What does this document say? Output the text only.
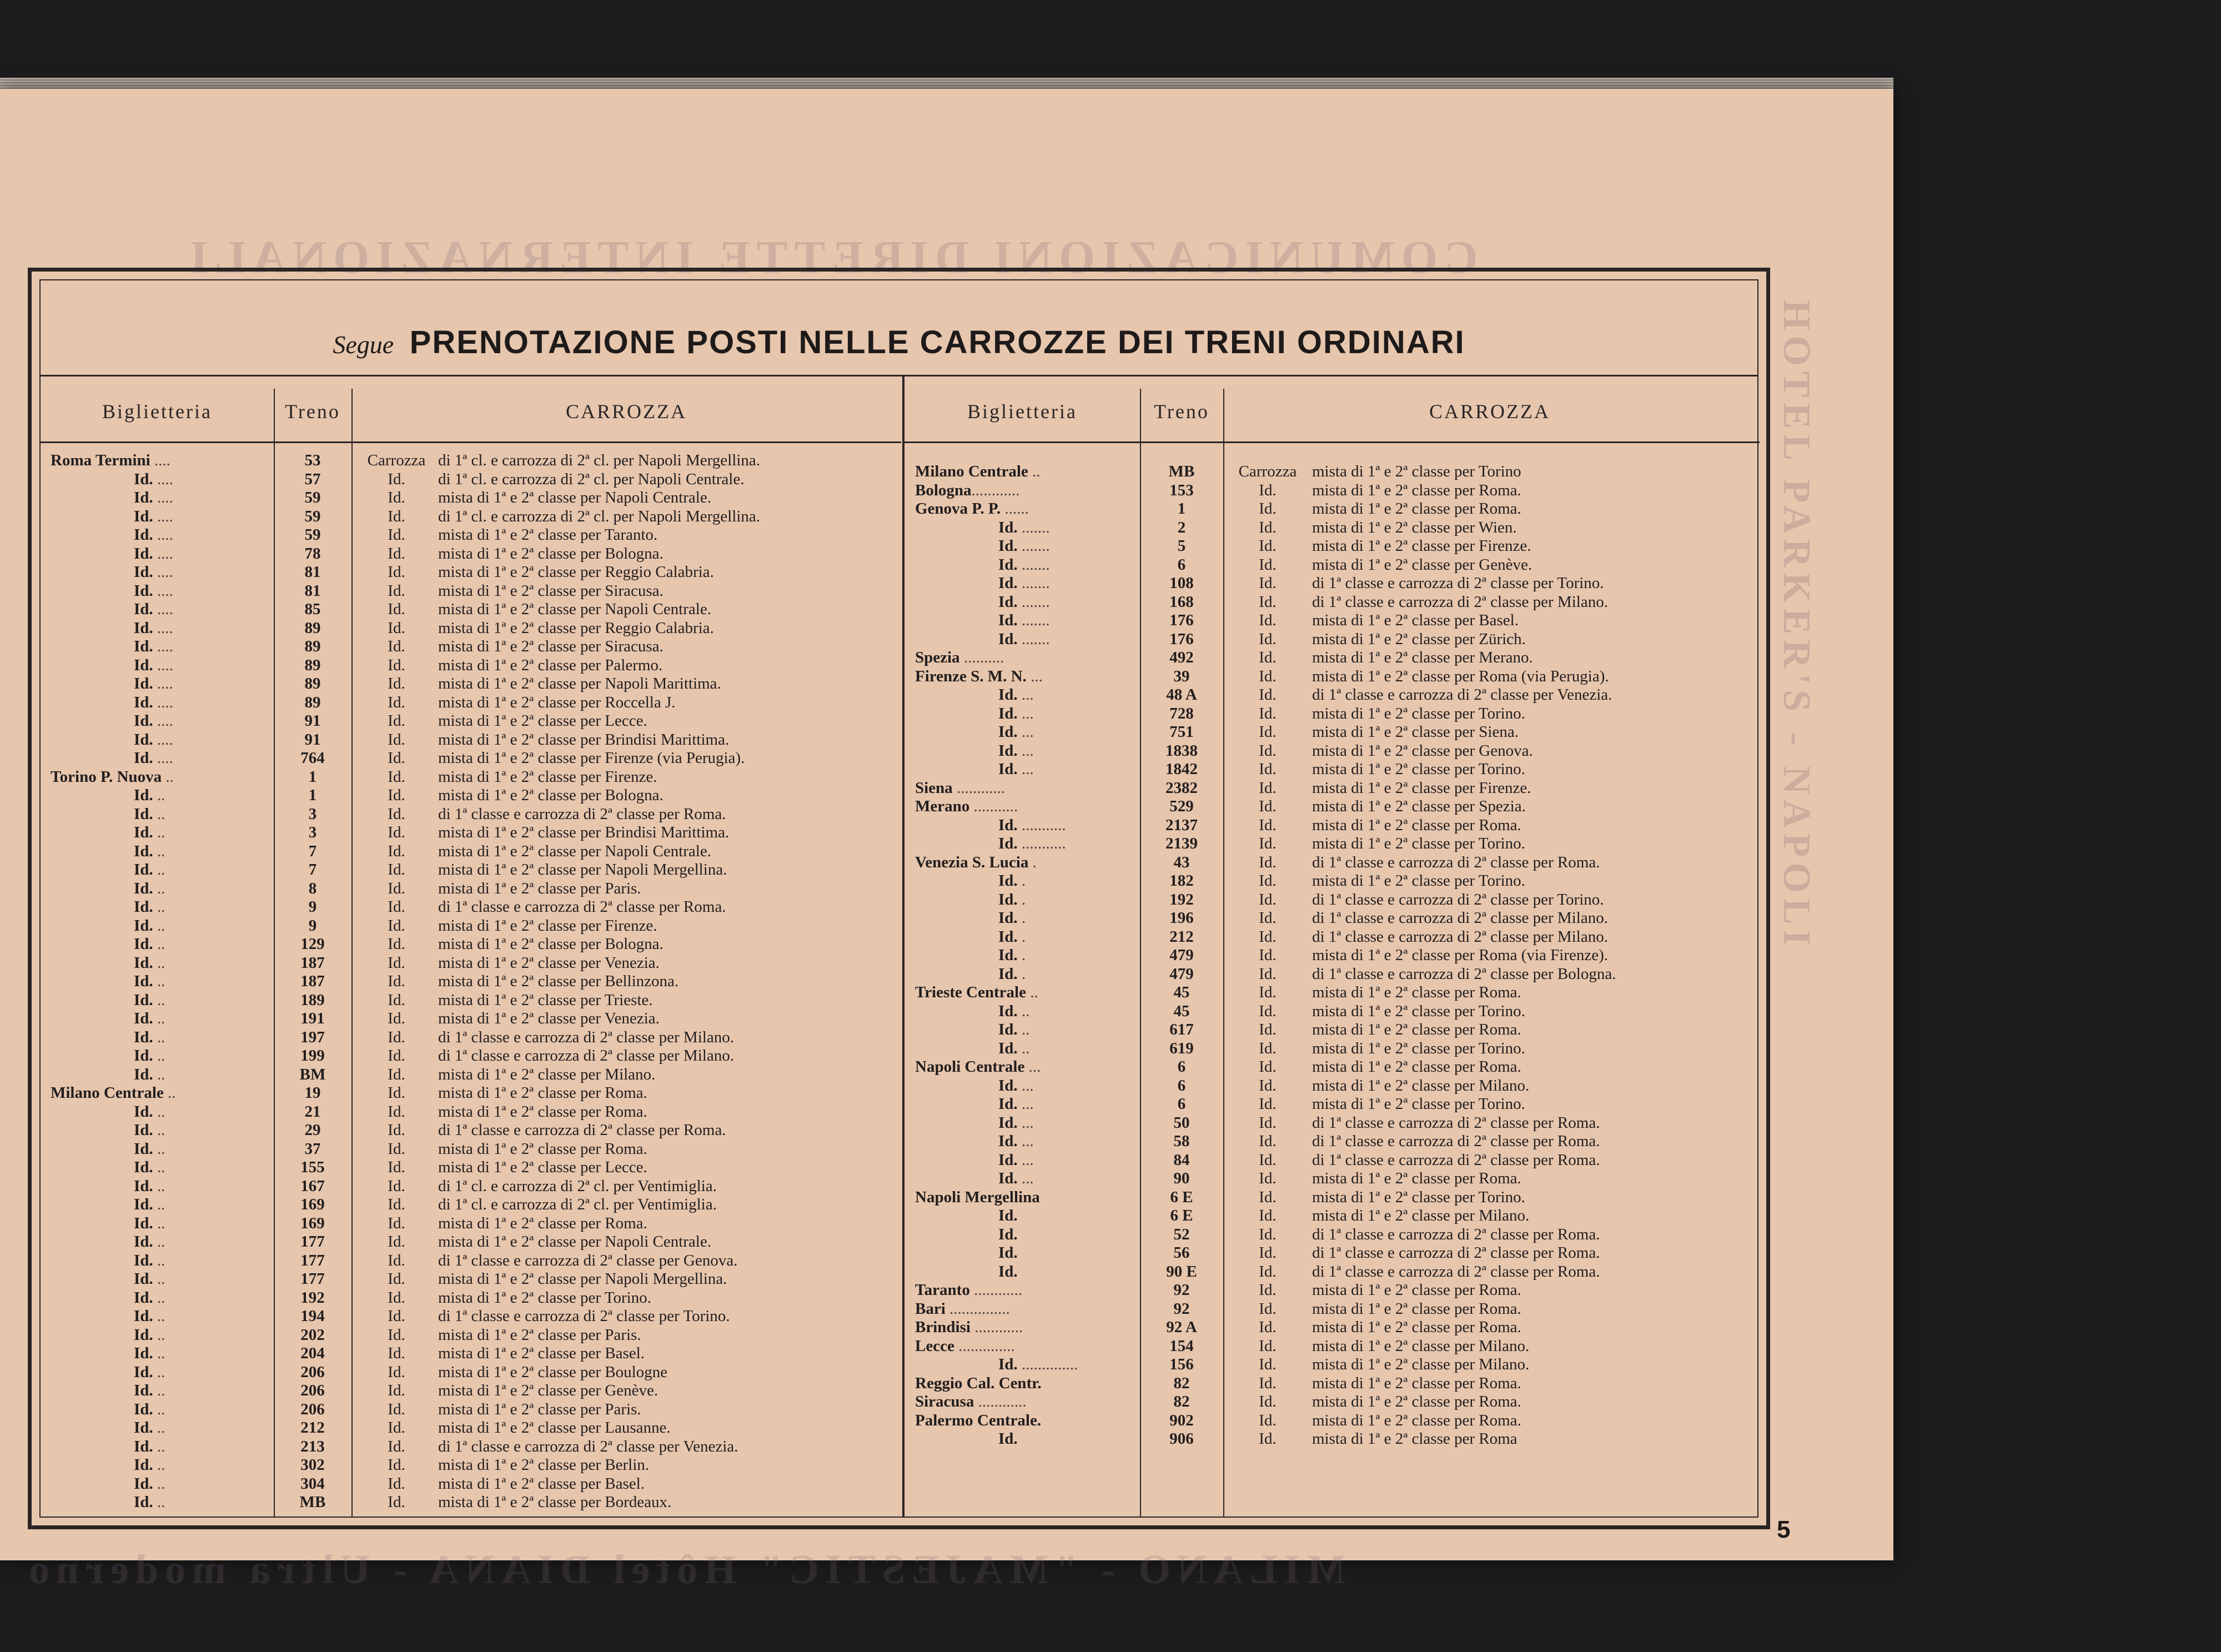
COMUNICAZIONI DIRETTE INTERNAZIONALI
MILANO - "MAJESTIC" Hôtel DIANA - Ultra moderno
HOTEL PARKER'S - NAPOLI
Segue PRENOTAZIONE POSTI NELLE CARROZZE DEI TRENI ORDINARI
Biglietteria	Treno	CARROZZA	Biglietteria	Treno	CARROZZA
Roma Termini ....	53	Carrozza di 1ª cl. e carrozza di 2ª cl. per Napoli Mergellina.
Id. ....	57	Id. di 1ª cl. e carrozza di 2ª cl. per Napoli Centrale.
Id. ....	59	Id. mista di 1ª e 2ª classe per Napoli Centrale.
Id. ....	59	Id. di 1ª cl. e carrozza di 2ª cl. per Napoli Mergellina.
Id. ....	59	Id. mista di 1ª e 2ª classe per Taranto.
Id. ....	78	Id. mista di 1ª e 2ª classe per Bologna.
Id. ....	81	Id. mista di 1ª e 2ª classe per Reggio Calabria.
Id. ....	81	Id. mista di 1ª e 2ª classe per Siracusa.
Id. ....	85	Id. mista di 1ª e 2ª classe per Napoli Centrale.
Id. ....	89	Id. mista di 1ª e 2ª classe per Reggio Calabria.
Id. ....	89	Id. mista di 1ª e 2ª classe per Siracusa.
Id. ....	89	Id. mista di 1ª e 2ª classe per Palermo.
Id. ....	89	Id. mista di 1ª e 2ª classe per Napoli Marittima.
Id. ....	89	Id. mista di 1ª e 2ª classe per Roccella J.
Id. ....	91	Id. mista di 1ª e 2ª classe per Lecce.
Id. ....	91	Id. mista di 1ª e 2ª classe per Brindisi Marittima.
Id. ....	764	Id. mista di 1ª e 2ª classe per Firenze (via Perugia).
Torino P. Nuova ..	1	Id. mista di 1ª e 2ª classe per Firenze.
Id. ..	1	Id. mista di 1ª e 2ª classe per Bologna.
Id. ..	3	Id. di 1ª classe e carrozza di 2ª classe per Roma.
Id. ..	3	Id. mista di 1ª e 2ª classe per Brindisi Marittima.
Id. ..	7	Id. mista di 1ª e 2ª classe per Napoli Centrale.
Id. ..	7	Id. mista di 1ª e 2ª classe per Napoli Mergellina.
Id. ..	8	Id. mista di 1ª e 2ª classe per Paris.
Id. ..	9	Id. di 1ª classe e carrozza di 2ª classe per Roma.
Id. ..	9	Id. mista di 1ª e 2ª classe per Firenze.
Id. ..	129	Id. mista di 1ª e 2ª classe per Bologna.
Id. ..	187	Id. mista di 1ª e 2ª classe per Venezia.
Id. ..	187	Id. mista di 1ª e 2ª classe per Bellinzona.
Id. ..	189	Id. mista di 1ª e 2ª classe per Trieste.
Id. ..	191	Id. mista di 1ª e 2ª classe per Venezia.
Id. ..	197	Id. di 1ª classe e carrozza di 2ª classe per Milano.
Id. ..	199	Id. di 1ª classe e carrozza di 2ª classe per Milano.
Id. ..	BM	Id. mista di 1ª e 2ª classe per Milano.
Milano Centrale ..	19	Id. mista di 1ª e 2ª classe per Roma.
Id. ..	21	Id. mista di 1ª e 2ª classe per Roma.
Id. ..	29	Id. di 1ª classe e carrozza di 2ª classe per Roma.
Id. ..	37	Id. mista di 1ª e 2ª classe per Roma.
Id. ..	155	Id. mista di 1ª e 2ª classe per Lecce.
Id. ..	167	Id. di 1ª cl. e carrozza di 2ª cl. per Ventimiglia.
Id. ..	169	Id. di 1ª cl. e carrozza di 2ª cl. per Ventimiglia.
Id. ..	169	Id. mista di 1ª e 2ª classe per Roma.
Id. ..	177	Id. mista di 1ª e 2ª classe per Napoli Centrale.
Id. ..	177	Id. di 1ª classe e carrozza di 2ª classe per Genova.
Id. ..	177	Id. mista di 1ª e 2ª classe per Napoli Mergellina.
Id. ..	192	Id. mista di 1ª e 2ª classe per Torino.
Id. ..	194	Id. di 1ª classe e carrozza di 2ª classe per Torino.
Id. ..	202	Id. mista di 1ª e 2ª classe per Paris.
Id. ..	204	Id. mista di 1ª e 2ª classe per Basel.
Id. ..	206	Id. mista di 1ª e 2ª classe per Boulogne
Id. ..	206	Id. mista di 1ª e 2ª classe per Genève.
Id. ..	206	Id. mista di 1ª e 2ª classe per Paris.
Id. ..	212	Id. mista di 1ª e 2ª classe per Lausanne.
Id. ..	213	Id. di 1ª classe e carrozza di 2ª classe per Venezia.
Id. ..	302	Id. mista di 1ª e 2ª classe per Berlin.
Id. ..	304	Id. mista di 1ª e 2ª classe per Basel.
Id. ..	MB	Id. mista di 1ª e 2ª classe per Bordeaux.
Milano Centrale ..	MB	Carrozza mista di 1ª e 2ª classe per Torino
Bologna............	153	Id. mista di 1ª e 2ª classe per Roma.
Genova P. P. ......	1	Id. mista di 1ª e 2ª classe per Roma.
Id. .......	2	Id. mista di 1ª e 2ª classe per Wien.
Id. .......	5	Id. mista di 1ª e 2ª classe per Firenze.
Id. .......	6	Id. mista di 1ª e 2ª classe per Genève.
Id. .......	108	Id. di 1ª classe e carrozza di 2ª classe per Torino.
Id. .......	168	Id. di 1ª classe e carrozza di 2ª classe per Milano.
Id. .......	176	Id. mista di 1ª e 2ª classe per Basel.
Id. .......	176	Id. mista di 1ª e 2ª classe per Zürich.
Spezia ..........	492	Id. mista di 1ª e 2ª classe per Merano.
Firenze S. M. N. ...	39	Id. mista di 1ª e 2ª classe per Roma (via Perugia).
Id. ...	48 A	Id. di 1ª classe e carrozza di 2ª classe per Venezia.
Id. ...	728	Id. mista di 1ª e 2ª classe per Torino.
Id. ...	751	Id. mista di 1ª e 2ª classe per Siena.
Id. ...	1838	Id. mista di 1ª e 2ª classe per Genova.
Id. ...	1842	Id. mista di 1ª e 2ª classe per Torino.
Siena ............	2382	Id. mista di 1ª e 2ª classe per Firenze.
Merano ...........	529	Id. mista di 1ª e 2ª classe per Spezia.
Id. ...........	2137	Id. mista di 1ª e 2ª classe per Roma.
Id. ...........	2139	Id. mista di 1ª e 2ª classe per Torino.
Venezia S. Lucia .	43	Id. di 1ª classe e carrozza di 2ª classe per Roma.
Id. .	182	Id. mista di 1ª e 2ª classe per Torino.
Id. .	192	Id. di 1ª classe e carrozza di 2ª classe per Torino.
Id. .	196	Id. di 1ª classe e carrozza di 2ª classe per Milano.
Id. .	212	Id. di 1ª classe e carrozza di 2ª classe per Milano.
Id. .	479	Id. mista di 1ª e 2ª classe per Roma (via Firenze).
Id. .	479	Id. di 1ª classe e carrozza di 2ª classe per Bologna.
Trieste Centrale ..	45	Id. mista di 1ª e 2ª classe per Roma.
Id. ..	45	Id. mista di 1ª e 2ª classe per Torino.
Id. ..	617	Id. mista di 1ª e 2ª classe per Roma.
Id. ..	619	Id. mista di 1ª e 2ª classe per Torino.
Napoli Centrale ...	6	Id. mista di 1ª e 2ª classe per Roma.
Id. ...	6	Id. mista di 1ª e 2ª classe per Milano.
Id. ...	6	Id. mista di 1ª e 2ª classe per Torino.
Id. ...	50	Id. di 1ª classe e carrozza di 2ª classe per Roma.
Id. ...	58	Id. di 1ª classe e carrozza di 2ª classe per Roma.
Id. ...	84	Id. di 1ª classe e carrozza di 2ª classe per Roma.
Id. ...	90	Id. mista di 1ª e 2ª classe per Roma.
Napoli Mergellina	6 E	Id. mista di 1ª e 2ª classe per Torino.
Id.	6 E	Id. mista di 1ª e 2ª classe per Milano.
Id.	52	Id. di 1ª classe e carrozza di 2ª classe per Roma.
Id.	56	Id. di 1ª classe e carrozza di 2ª classe per Roma.
Id.	90 E	Id. di 1ª classe e carrozza di 2ª classe per Roma.
Taranto ............	92	Id. mista di 1ª e 2ª classe per Roma.
Bari ...............	92	Id. mista di 1ª e 2ª classe per Roma.
Brindisi ............	92 A	Id. mista di 1ª e 2ª classe per Roma.
Lecce ..............	154	Id. mista di 1ª e 2ª classe per Milano.
Id. ..............	156	Id. mista di 1ª e 2ª classe per Milano.
Reggio Cal. Centr.	82	Id. mista di 1ª e 2ª classe per Roma.
Siracusa ............	82	Id. mista di 1ª e 2ª classe per Roma.
Palermo Centrale.	902	Id. mista di 1ª e 2ª classe per Roma.
Id.	906	Id. mista di 1ª e 2ª classe per Roma
5
